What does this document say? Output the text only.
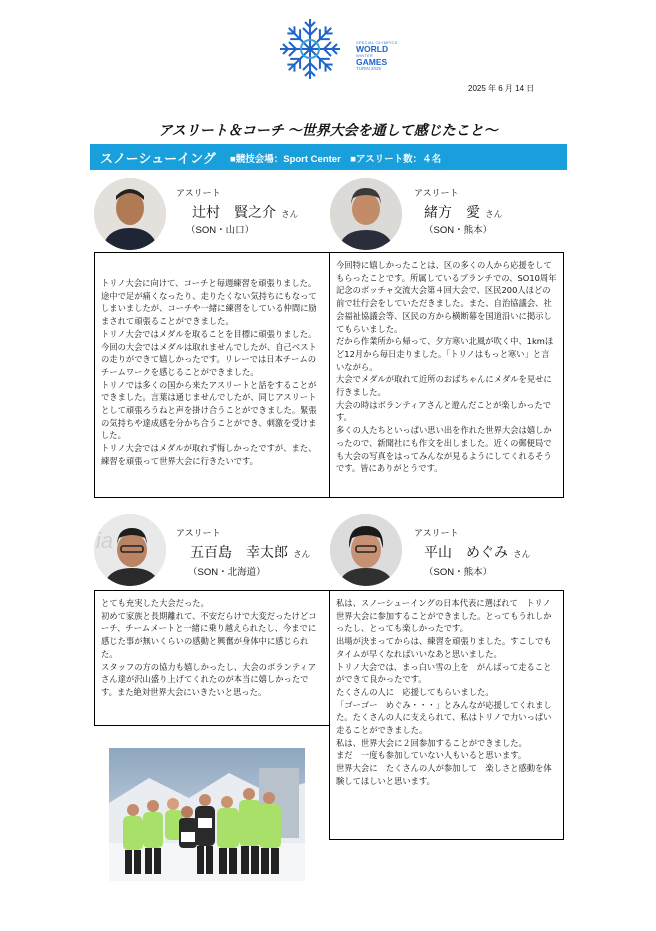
SPECIAL OLYMPICS
WORLD
WINTER
GAMES
TURIN 2025
2025 年 6 月 14 日
アスリート＆コーチ ～世界大会を通して感じたこと～
スノーシューイング ■競技会場：Sport Center　■アスリート数：４名
アスリート
辻村　賢之介 さん
（SON・山口）
アスリート
緒方　愛 さん
（SON・熊本）

トリノ大会に向けて、コーチと毎週練習を頑張りました。途中で足が痛くなったり、走りたくない気持ちにもなってしまいましたが、コーチや一緒に練習をしている仲間に励まされて頑張ることができました。
トリノ大会ではメダルを取ることを目標に頑張りました。今回の大会ではメダルは取れませんでしたが、自己ベストの走りができて嬉しかったです。リレーでは日本チームのチームワークを感じることができました。
トリノでは多くの国から来たアスリートと話をすることができました。言葉は通じませんでしたが、同じアスリートとして頑張ろうねと声を掛け合うことができました。緊張の気持ちや達成感を分かち合うことができ、刺激を受けました。
トリノ大会ではメダルが取れず悔しかったですが、また、練習を頑張って世界大会に行きたいです。

今回特に嬉しかったことは、区の多くの人から応援をしてもらったことです。所属しているブランチでの、SO10周年記念のボッチャ交流大会第４回大会で、区民200人ほどの前で壮行会をしていただきました。また、自治協議会、社会福祉協議会等、区民の方から横断幕を国道沿いに掲示してもらいました。
だから作業所から帰って、夕方寒い北風が吹く中、1kmほど12月から毎日走りました。「トリノはもっと寒い」と言いながら。
大会でメダルが取れて近所のおばちゃんにメダルを見せに行きました。
大会の時はボランティアさんと遊んだことが楽しかったです。
多くの人たちといっぱい思い出を作れた世界大会は嬉しかったので、新聞社にも作文を出しました。近くの郵便局でも大会の写真をはってみんなが見るようにしてくれるそうです。皆にありがとうです。

ia	アスリート
五百島　幸太郎 さん
（SON・北海道）
アスリート
平山　めぐみ さん
（SON・熊本）

とても充実した大会だった。
初めて家族と長期離れて、不安だらけで大変だったけどコーチ、チームメートと一緒に乗り越えられたし、今までに感じた事が無いくらいの感動と興奮が身体中に感じられた。
スタッフの方の協力も嬉しかったし、大会のボランティアさん達が沢山盛り上げてくれたのが本当に嬉しかったです。また絶対世界大会にいきたいと思った。

私は、スノーシューイングの日本代表に選ばれて　トリノ世界大会に参加することができました。とってもうれしかったし、とっても楽しかったです。
出場が決まってからは、練習を頑張りました。すこしでも　タイムが早くなればいいなあと思いました。
トリノ大会では、まっ白い雪の上を　がんばって走ることができて良かったです。
たくさんの人に　応援してもらいました。
「ゴーゴー　めぐみ・・・」とみんなが応援してくれました。たくさんの人に支えられて、私はトリノで力いっぱい走ることができました。
私は、世界大会に２回参加することができました。
まだ　一度も参加していない人もいると思います。
世界大会に　たくさんの人が参加して　楽しさと感動を体験してほしいと思います。
